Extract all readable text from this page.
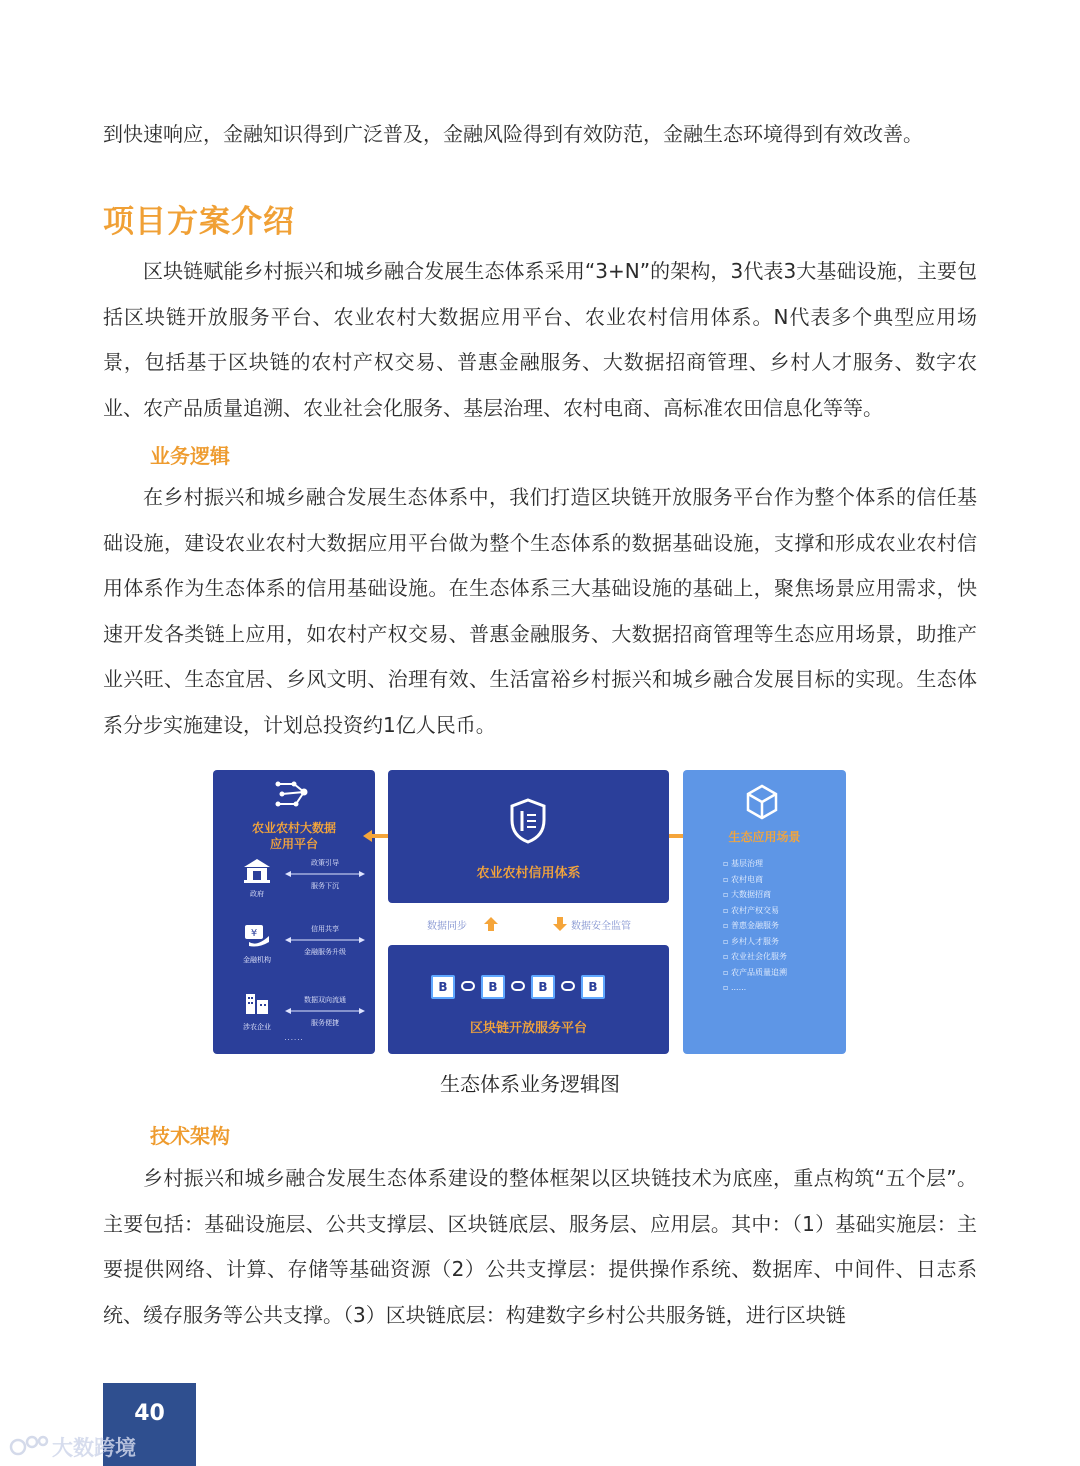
到快速响应，金融知识得到广泛普及，金融风险得到有效防范，金融生态环境得到有效改善。
项目方案介绍
区块链赋能乡村振兴和城乡融合发展生态体系采用“3+N”的架构，3代表3大基础设施，主要包括区块链开放服务平台、农业农村大数据应用平台、农业农村信用体系。N代表多个典型应用场景，包括基于区块链的农村产权交易、普惠金融服务、大数据招商管理、乡村人才服务、数字农业、农产品质量追溯、农业社会化服务、基层治理、农村电商、高标准农田信息化等等。
业务逻辑
在乡村振兴和城乡融合发展生态体系中，我们打造区块链开放服务平台作为整个体系的信任基础设施，建设农业农村大数据应用平台做为整个生态体系的数据基础设施，支撑和形成农业农村信用体系作为生态体系的信用基础设施。在生态体系三大基础设施的基础上，聚焦场景应用需求，快速开发各类链上应用，如农村产权交易、普惠金融服务、大数据招商管理等生态应用场景，助推产业兴旺、生态宜居、乡风文明、治理有效、生活富裕乡村振兴和城乡融合发展目标的实现。生态体系分步实施建设，计划总投资约1亿人民币。
农业农村大数据
应用平台
政府
政策引导
服务下沉
¥
金融机构
信用共享
金融服务升级
涉农企业
数据双向流通
服务便捷
......
农业农村信用体系
数据同步	数据安全监管
B	B	B	B
区块链开放服务平台
生态应用场景
▫ 基层治理
▫ 农村电商
▫ 大数据招商
▫ 农村产权交易
▫ 普惠金融服务
▫ 乡村人才服务
▫ 农业社会化服务
▫ 农产品质量追溯
▫ ......
生态体系业务逻辑图
技术架构
乡村振兴和城乡融合发展生态体系建设的整体框架以区块链技术为底座，重点构筑“五个层”。主要包括：基础设施层、公共支撑层、区块链底层、服务层、应用层。其中：（1）基础实施层：主要提供网络、计算、存储等基础资源（2）公共支撑层：提供操作系统、数据库、中间件、日志系统、缓存服务等公共支撑。（3）区块链底层：构建数字乡村公共服务链，进行区块链
40
大数跨境
